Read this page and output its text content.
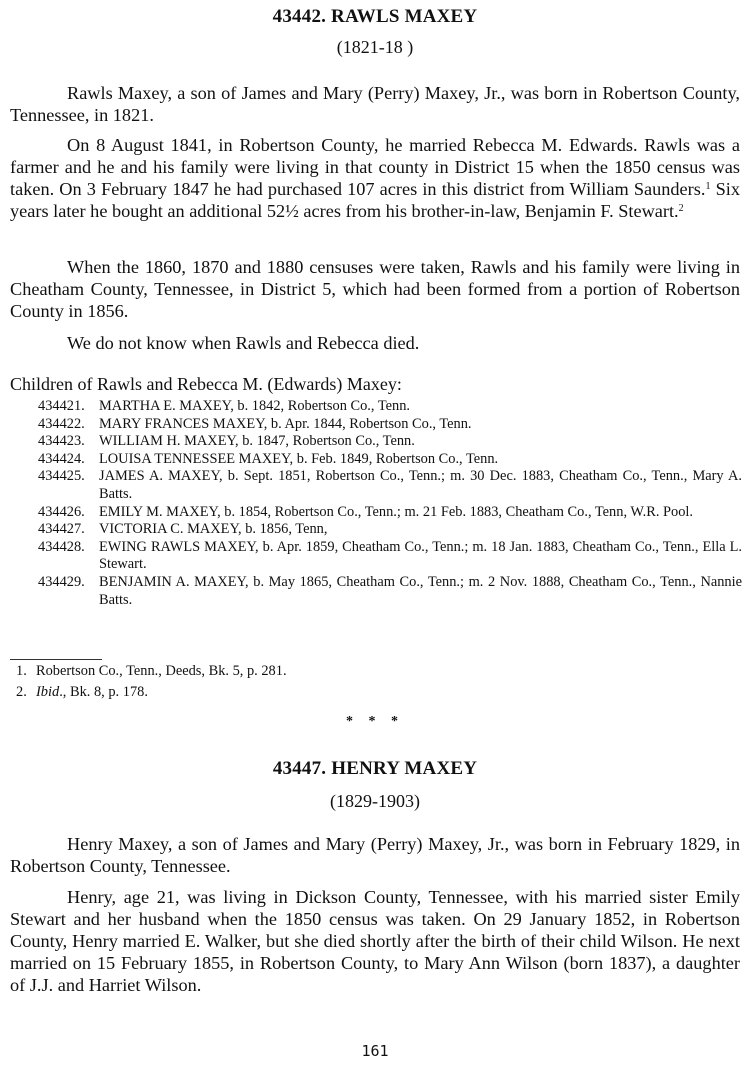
43442. RAWLS MAXEY
(1821-18 )

Rawls Maxey, a son of James and Mary (Perry) Maxey, Jr., was born in Robertson County, Tennessee, in 1821.

On 8 August 1841, in Robertson County, he married Rebecca M. Edwards. Rawls was a farmer and he and his family were living in that county in District 15 when the 1850 census was taken. On 3 February 1847 he had purchased 107 acres in this district from William Saunders.$^1$ Six years later he bought an additional 52½ acres from his brother-in-law, Benjamin F. Stewart.$^2$

When the 1860, 1870 and 1880 censuses were taken, Rawls and his family were living in Cheatham County, Tennessee, in District 5, which had been formed from a portion of Robertson County in 1856.

We do not know when Rawls and Rebecca died.

Children of Rawls and Rebecca M. (Edwards) Maxey:
434421. MARTHA E. MAXEY, b. 1842, Robertson Co., Tenn.
434422. MARY FRANCES MAXEY, b. Apr. 1844, Robertson Co., Tenn.
434423. WILLIAM H. MAXEY, b. 1847, Robertson Co., Tenn.
434424. LOUISA TENNESSEE MAXEY, b. Feb. 1849, Robertson Co., Tenn.
434425. JAMES A. MAXEY, b. Sept. 1851, Robertson Co., Tenn.; m. 30 Dec. 1883, Cheatham Co., Tenn., Mary A. Batts.
434426. EMILY M. MAXEY, b. 1854, Robertson Co., Tenn.; m. 21 Feb. 1883, Cheatham Co., Tenn, W.R. Pool.
434427. VICTORIA C. MAXEY, b. 1856, Tenn,
434428. EWING RAWLS MAXEY, b. Apr. 1859, Cheatham Co., Tenn.; m. 18 Jan. 1883, Cheatham Co., Tenn., Ella L. Stewart.
434429. BENJAMIN A. MAXEY, b. May 1865, Cheatham Co., Tenn.; m. 2 Nov. 1888, Cheatham Co., Tenn., Nannie Batts.
1. Robertson Co., Tenn., Deeds, Bk. 5, p. 281.
2. Ibid., Bk. 8, p. 178.
* * *
43447. HENRY MAXEY
(1829-1903)

Henry Maxey, a son of James and Mary (Perry) Maxey, Jr., was born in February 1829, in Robertson County, Tennessee.

Henry, age 21, was living in Dickson County, Tennessee, with his married sister Emily Stewart and her husband when the 1850 census was taken. On 29 January 1852, in Robertson County, Henry married E. Walker, but she died shortly after the birth of their child Wilson. He next married on 15 February 1855, in Robertson County, to Mary Ann Wilson (born 1837), a daughter of J.J. and Harriet Wilson.

161
